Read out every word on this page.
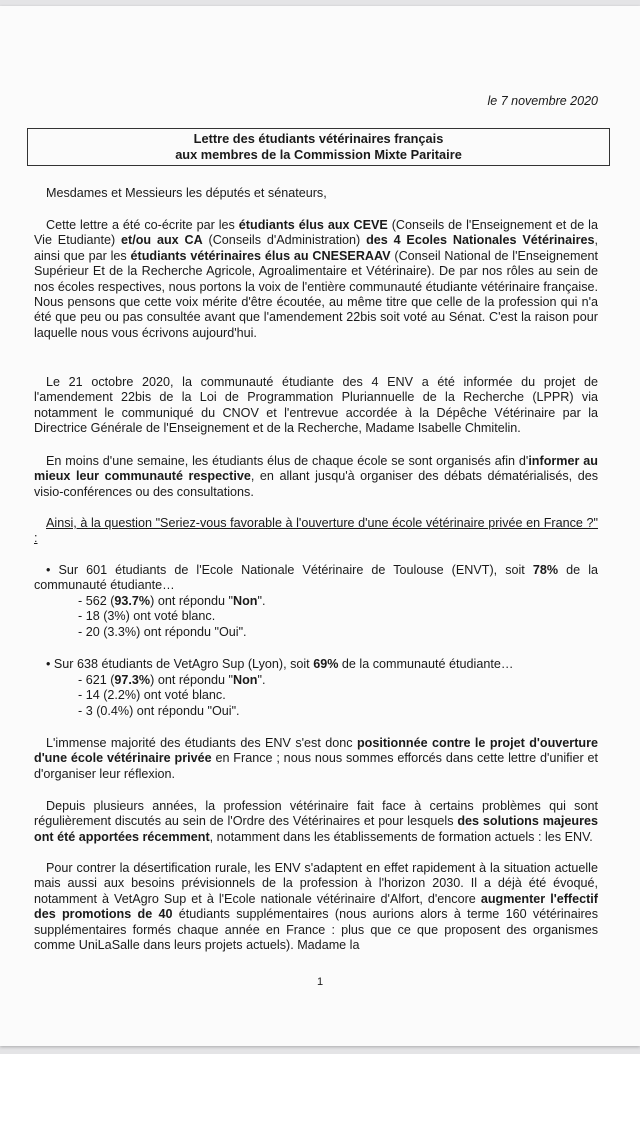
le 7 novembre 2020
Lettre des étudiants vétérinaires français
aux membres de la Commission Mixte Paritaire

Mesdames et Messieurs les députés et sénateurs,

Cette lettre a été co-écrite par les étudiants élus aux CEVE (Conseils de l'Enseignement et de la Vie Etudiante) et/ou aux CA (Conseils d'Administration) des 4 Ecoles Nationales Vétérinaires, ainsi que par les étudiants vétérinaires élus au CNESERAAV (Conseil National de l'Enseignement Supérieur Et de la Recherche Agricole, Agroalimentaire et Vétérinaire). De par nos rôles au sein de nos écoles respectives, nous portons la voix de l'entière communauté étudiante vétérinaire française. Nous pensons que cette voix mérite d'être écoutée, au même titre que celle de la profession qui n'a été que peu ou pas consultée avant que l'amendement 22bis soit voté au Sénat. C'est la raison pour laquelle nous vous écrivons aujourd'hui.

Le 21 octobre 2020, la communauté étudiante des 4 ENV a été informée du projet de l'amendement 22bis de la Loi de Programmation Pluriannuelle de la Recherche (LPPR) via notamment le communiqué du CNOV et l'entrevue accordée à la Dépêche Vétérinaire par la Directrice Générale de l'Enseignement et de la Recherche, Madame Isabelle Chmitelin.

En moins d'une semaine, les étudiants élus de chaque école se sont organisés afin d'informer au mieux leur communauté respective, en allant jusqu'à organiser des débats dématérialisés, des visio-conférences ou des consultations.

Ainsi, à la question "Seriez-vous favorable à l'ouverture d'une école vétérinaire privée en France ?" :

• Sur 601 étudiants de l'Ecole Nationale Vétérinaire de Toulouse (ENVT), soit 78% de la communauté étudiante…

- 562 (93.7%) ont répondu "Non".

- 18 (3%) ont voté blanc.

- 20 (3.3%) ont répondu "Oui".

• Sur 638 étudiants de VetAgro Sup (Lyon), soit 69% de la communauté étudiante…

- 621 (97.3%) ont répondu "Non".

- 14 (2.2%) ont voté blanc.

- 3 (0.4%) ont répondu "Oui".

L'immense majorité des étudiants des ENV s'est donc positionnée contre le projet d'ouverture d'une école vétérinaire privée en France ; nous nous sommes efforcés dans cette lettre d'unifier et d'organiser leur réflexion.

Depuis plusieurs années, la profession vétérinaire fait face à certains problèmes qui sont régulièrement discutés au sein de l'Ordre des Vétérinaires et pour lesquels des solutions majeures ont été apportées récemment, notamment dans les établissements de formation actuels : les ENV.

Pour contrer la désertification rurale, les ENV s'adaptent en effet rapidement à la situation actuelle mais aussi aux besoins prévisionnels de la profession à l'horizon 2030. Il a déjà été évoqué, notamment à VetAgro Sup et à l'Ecole nationale vétérinaire d'Alfort, d'encore augmenter l'effectif des promotions de 40 étudiants supplémentaires (nous aurions alors à terme 160 vétérinaires supplémentaires formés chaque année en France : plus que ce que proposent des organismes comme UniLaSalle dans leurs projets actuels). Madame la

1
